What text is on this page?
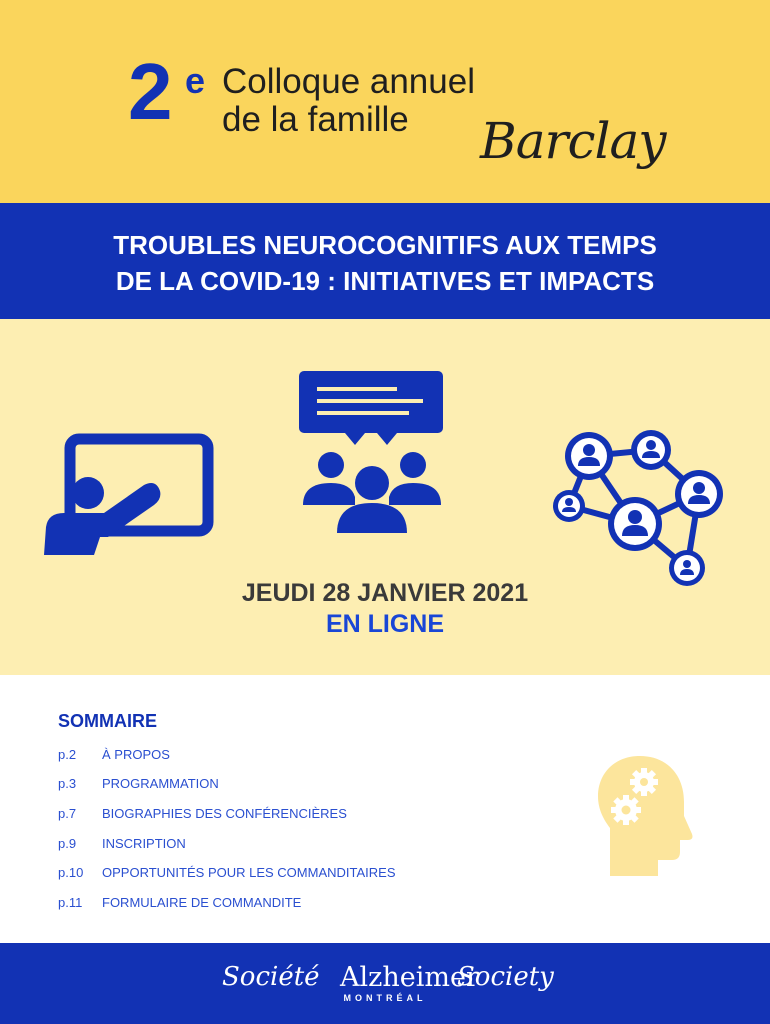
2 e Colloque annuel
de la famille Barclay
TROUBLES NEUROCOGNITIFS AUX TEMPS
DE LA COVID-19 : INITIATIVES ET IMPACTS
JEUDI 28 JANVIER 2021
EN LIGNE
SOMMAIRE
p.2 À PROPOS
p.3 PROGRAMMATION
p.7 BIOGRAPHIES DES CONFÉRENCIÈRES
p.9 INSCRIPTION
p.10 OPPORTUNITÉS POUR LES COMMANDITAIRES
p.11 FORMULAIRE DE COMMANDITE
Société Alzheimer
Society
MONTRÉAL
